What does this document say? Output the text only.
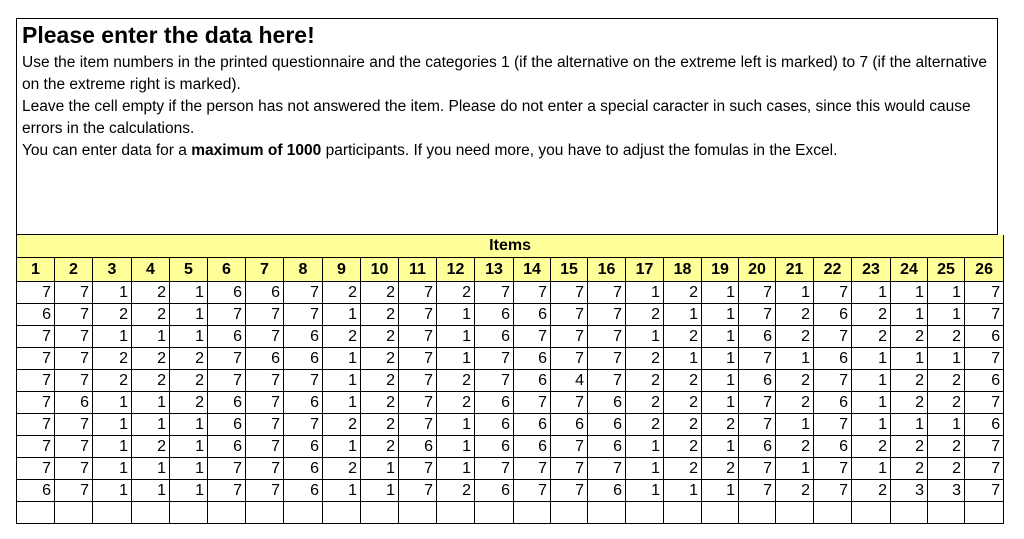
Please enter the data here!

Use the item numbers in the printed questionnaire and the categories 1 (if the alternative on the extreme left is marked) to 7 (if the alternative on the extreme right is marked).

Leave the cell empty if the person has not answered the item. Please do not enter a special caracter in such cases, since this would cause errors in the calculations.

You can enter data for a maximum of 1000 participants. If you need more, you have to adjust the fomulas in the Excel.

Items																									
1	2	3	4	5	6	7	8	9	10	11	12	13	14	15	16	17	18	19	20	21	22	23	24	25	26
7	7	1	2	1	6	6	7	2	2	7	2	7	7	7	7	1	2	1	7	1	7	1	1	1	7
6	7	2	2	1	7	7	7	1	2	7	1	6	6	7	7	2	1	1	7	2	6	2	1	1	7
7	7	1	1	1	6	7	6	2	2	7	1	6	7	7	7	1	2	1	6	2	7	2	2	2	6
7	7	2	2	2	7	6	6	1	2	7	1	7	6	7	7	2	1	1	7	1	6	1	1	1	7
7	7	2	2	2	7	7	7	1	2	7	2	7	6	4	7	2	2	1	6	2	7	1	2	2	6
7	6	1	1	2	6	7	6	1	2	7	2	6	7	7	6	2	2	1	7	2	6	1	2	2	7
7	7	1	1	1	6	7	7	2	2	7	1	6	6	6	6	2	2	2	7	1	7	1	1	1	6
7	7	1	2	1	6	7	6	1	2	6	1	6	6	7	6	1	2	1	6	2	6	2	2	2	7
7	7	1	1	1	7	7	6	2	1	7	1	7	7	7	7	1	2	2	7	1	7	1	2	2	7
6	7	1	1	1	7	7	6	1	1	7	2	6	7	7	6	1	1	1	7	2	7	2	3	3	7
